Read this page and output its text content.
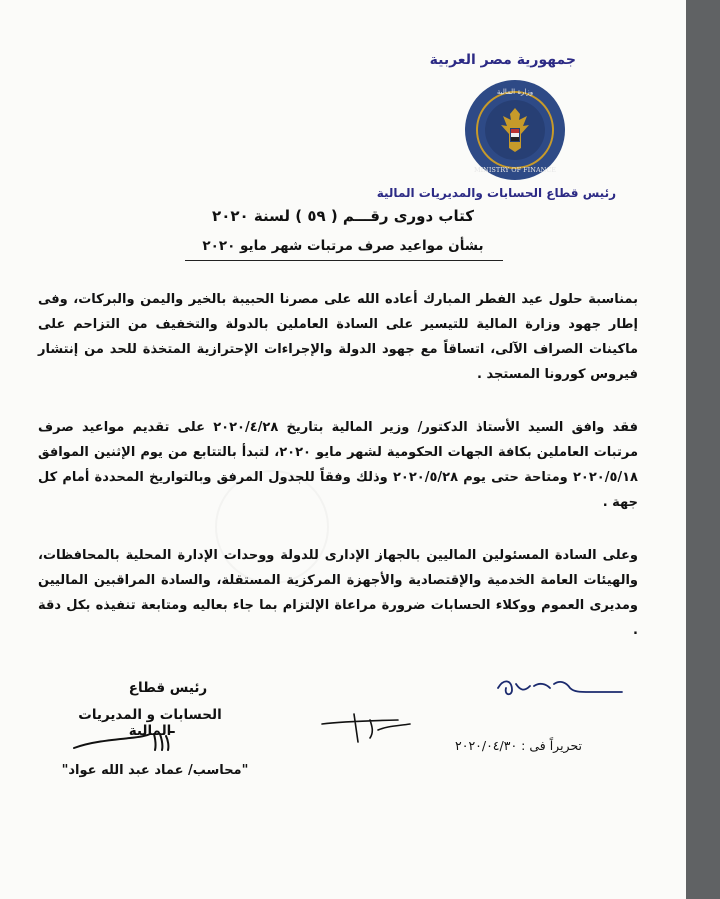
جمهورية مصر العربية
MINISTRY OF FINANCE
وزارة المالية
رئيس قطاع الحسابات والمديريات المالية
كتاب دورى رقـــم ( ٥٩ ) لسنة ٢٠٢٠
بشأن مواعيد صرف مرتبات شهر مايو ٢٠٢٠
بمناسبة حلول عيد الفطر المبارك أعاده الله على مصرنا الحبيبة بالخير واليمن والبركات، وفى إطار جهود وزارة المالية للتيسير على السادة العاملين بالدولة والتخفيف من التزاحم على ماكينات الصراف الآلى، اتساقاً مع جهود الدولة والإجراءات الإحترازية المتخذة للحد من إنتشار فيروس كورونا المستجد .
فقد وافق السيد الأستاذ الدكتور/ وزير المالية بتاريخ ٢٠٢٠/٤/٢٨ على تقديم مواعيد صرف مرتبات العاملين بكافة الجهات الحكومية لشهر مايو ٢٠٢٠، لتبدأ بالتتابع من يوم الإثنين الموافق ٢٠٢٠/٥/١٨ ومتاحة حتى يوم ٢٠٢٠/٥/٢٨ وذلك وفقاً للجدول المرفق وبالتواريخ المحددة أمام كل جهة .
وعلى السادة المسئولين الماليين بالجهاز الإدارى للدولة ووحدات الإدارة المحلية بالمحافظات، والهيئات العامة الخدمية والإقتصادية والأجهزة المركزية المستقلة، والسادة المراقبين الماليين ومديرى العموم ووكلاء الحسابات ضرورة مراعاة الإلتزام بما جاء بعاليه ومتابعة تنفيذه بكل دقة .
رئيس قطاع
الحسابات و المديريات المالية
"محاسب/ عماد عبد الله عواد"
تحريراً فى : ٢٠٢٠/٠٤/٣٠
